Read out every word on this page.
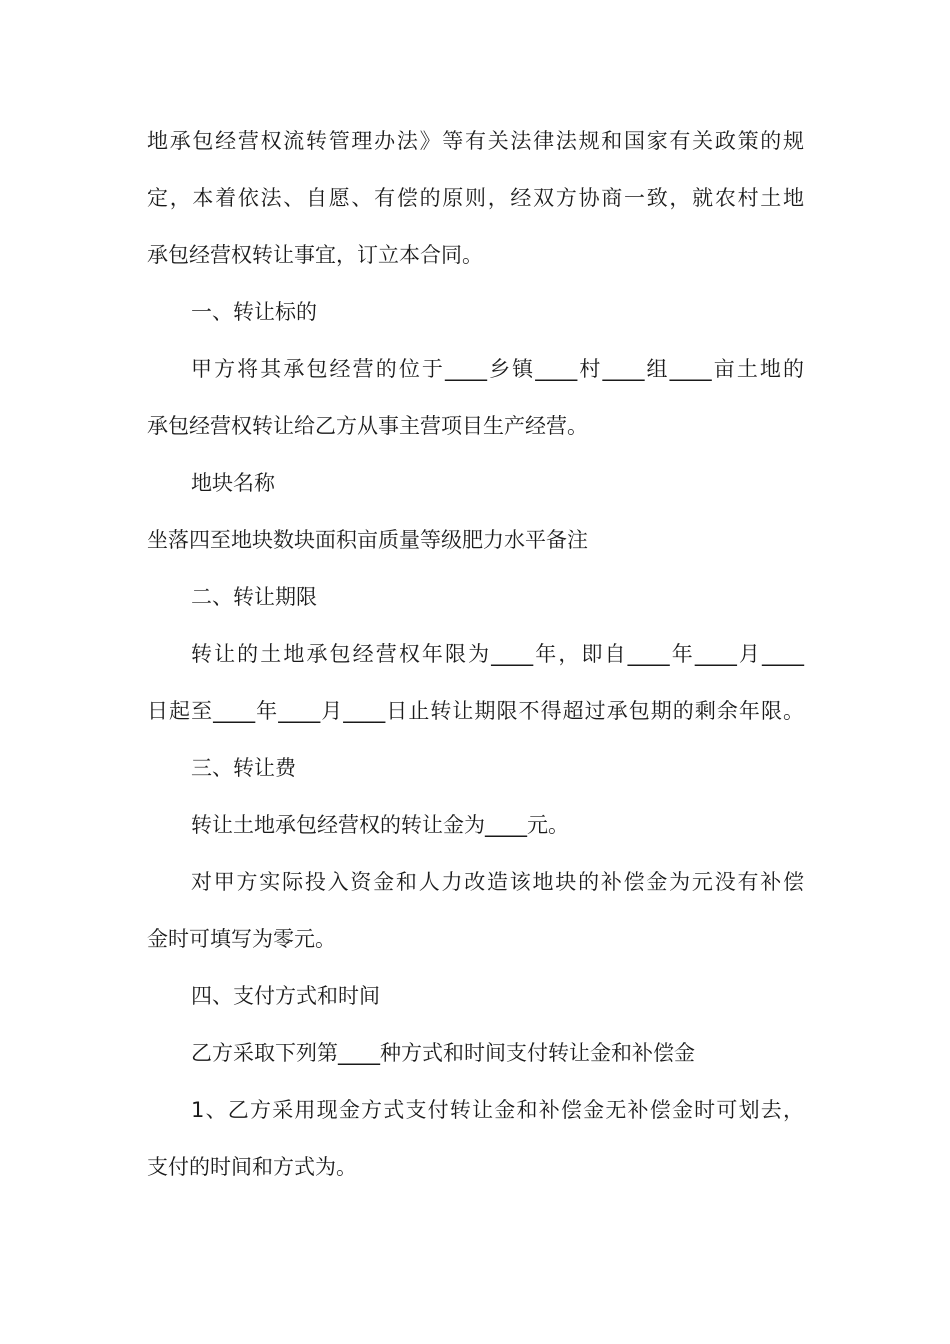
地承包经营权流转管理办法》等有关法律法规和国家有关政策的规
定，本着依法、自愿、有偿的原则，经双方协商一致，就农村土地
承包经营权转让事宜，订立本合同。
一、转让标的
甲方将其承包经营的位于____乡镇____村____组____亩土地的
承包经营权转让给乙方从事主营项目生产经营。
地块名称
坐落四至地块数块面积亩质量等级肥力水平备注
二、转让期限
转让的土地承包经营权年限为____年，即自____年____月____
日起至____年____月____日止转让期限不得超过承包期的剩余年限。
三、转让费
转让土地承包经营权的转让金为____元。
对甲方实际投入资金和人力改造该地块的补偿金为元没有补偿
金时可填写为零元。
四、支付方式和时间
乙方采取下列第____种方式和时间支付转让金和补偿金
1、乙方采用现金方式支付转让金和补偿金无补偿金时可划去，
支付的时间和方式为。
